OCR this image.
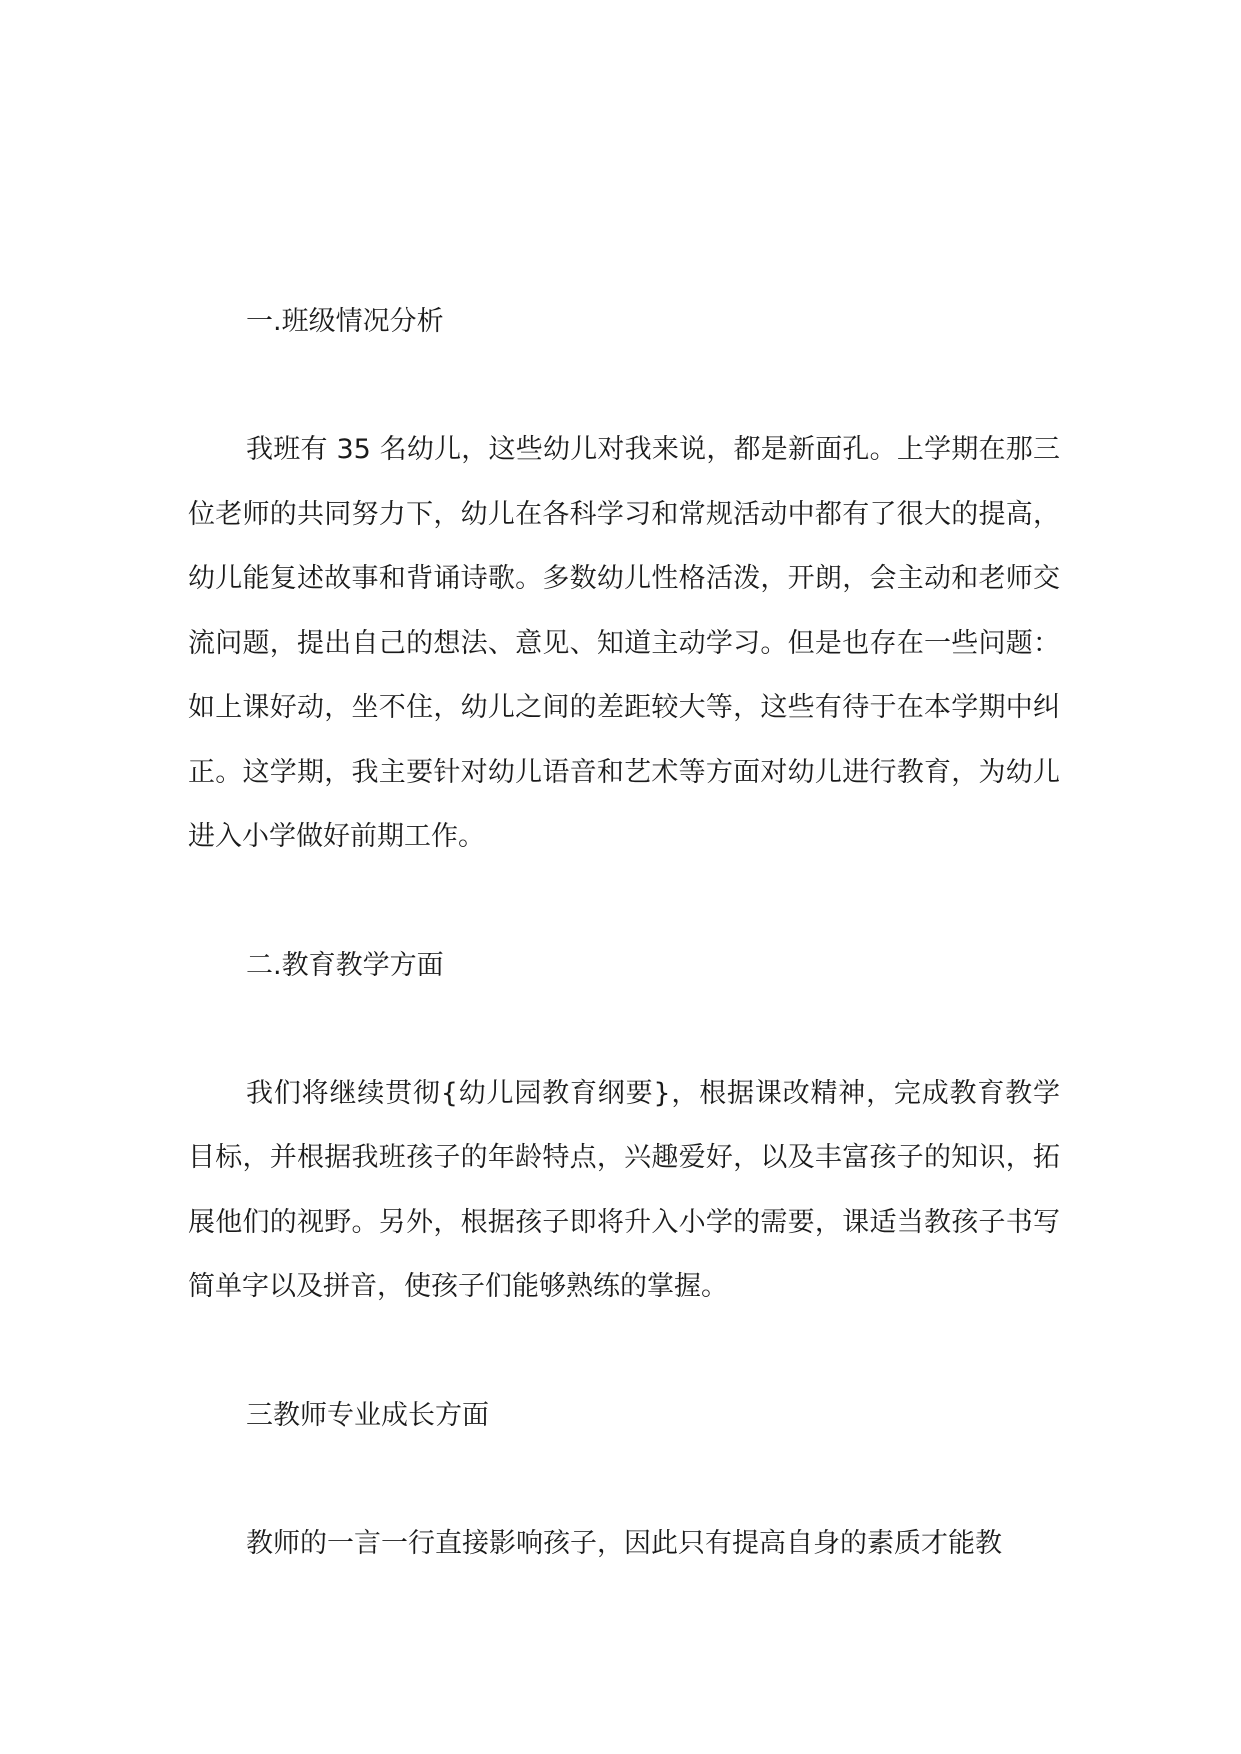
一.班级情况分析
我班有 35 名幼儿，这些幼儿对我来说，都是新面孔。上学期在那三位老师的共同努力下，幼儿在各科学习和常规活动中都有了很大的提高，幼儿能复述故事和背诵诗歌。多数幼儿性格活泼，开朗，会主动和老师交流问题，提出自己的想法、意见、知道主动学习。但是也存在一些问题：如上课好动，坐不住，幼儿之间的差距较大等，这些有待于在本学期中纠正。这学期，我主要针对幼儿语音和艺术等方面对幼儿进行教育，为幼儿进入小学做好前期工作。
二.教育教学方面
我们将继续贯彻{幼儿园教育纲要}，根据课改精神，完成教育教学目标，并根据我班孩子的年龄特点，兴趣爱好，以及丰富孩子的知识，拓展他们的视野。另外，根据孩子即将升入小学的需要，课适当教孩子书写简单字以及拼音，使孩子们能够熟练的掌握。
三教师专业成长方面
教师的一言一行直接影响孩子，因此只有提高自身的素质才能教
